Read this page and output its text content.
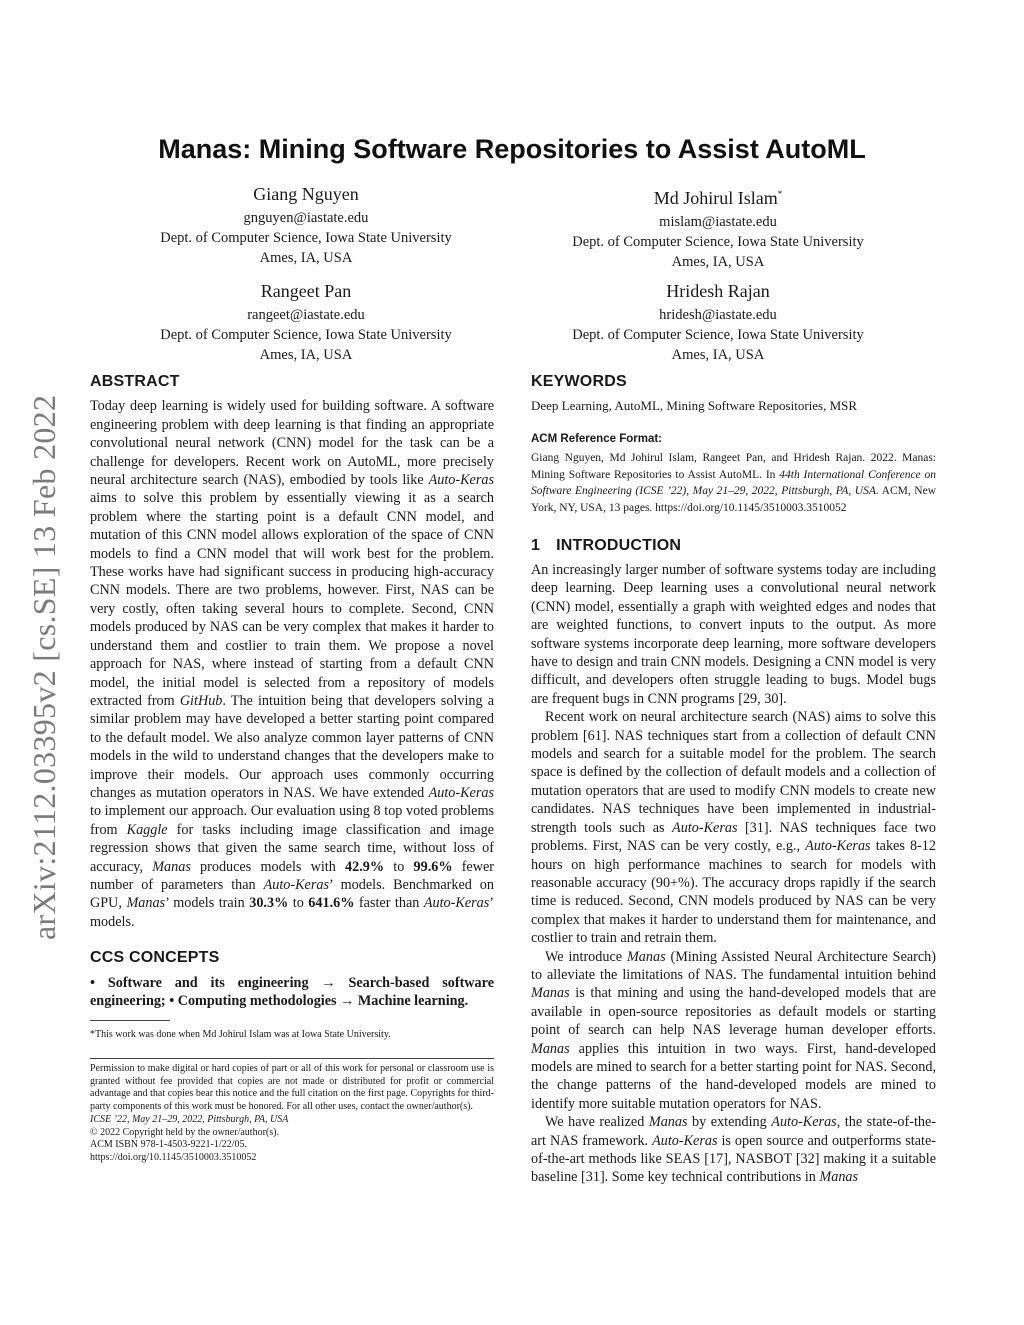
arXiv:2112.03395v2 [cs.SE] 13 Feb 2022
Manas: Mining Software Repositories to Assist AutoML
Giang Nguyen
gnguyen@iastate.edu
Dept. of Computer Science, Iowa State University
Ames, IA, USA
Md Johirul Islam*
mislam@iastate.edu
Dept. of Computer Science, Iowa State University
Ames, IA, USA
Rangeet Pan
rangeet@iastate.edu
Dept. of Computer Science, Iowa State University
Ames, IA, USA
Hridesh Rajan
hridesh@iastate.edu
Dept. of Computer Science, Iowa State University
Ames, IA, USA
ABSTRACT

Today deep learning is widely used for building software. A software engineering problem with deep learning is that finding an appropriate convolutional neural network (CNN) model for the task can be a challenge for developers. Recent work on AutoML, more precisely neural architecture search (NAS), embodied by tools like Auto-Keras aims to solve this problem by essentially viewing it as a search problem where the starting point is a default CNN model, and mutation of this CNN model allows exploration of the space of CNN models to find a CNN model that will work best for the problem. These works have had significant success in producing high-accuracy CNN models. There are two problems, however. First, NAS can be very costly, often taking several hours to complete. Second, CNN models produced by NAS can be very complex that makes it harder to understand them and costlier to train them. We propose a novel approach for NAS, where instead of starting from a default CNN model, the initial model is selected from a repository of models extracted from GitHub. The intuition being that developers solving a similar problem may have developed a better starting point compared to the default model. We also analyze common layer patterns of CNN models in the wild to understand changes that the developers make to improve their models. Our approach uses commonly occurring changes as mutation operators in NAS. We have extended Auto-Keras to implement our approach. Our evaluation using 8 top voted problems from Kaggle for tasks including image classification and image regression shows that given the same search time, without loss of accuracy, Manas produces models with 42.9% to 99.6% fewer number of parameters than Auto-Keras’ models. Benchmarked on GPU, Manas’ models train 30.3% to 641.6% faster than Auto-Keras’ models.

CCS CONCEPTS

• Software and its engineering → Search-based software engineering; • Computing methodologies → Machine learning.

*This work was done when Md Johirul Islam was at Iowa State University.

Permission to make digital or hard copies of part or all of this work for personal or classroom use is granted without fee provided that copies are not made or distributed for profit or commercial advantage and that copies bear this notice and the full citation on the first page. Copyrights for third-party components of this work must be honored. For all other uses, contact the owner/author(s).

ICSE ’22, May 21–29, 2022, Pittsburgh, PA, USA

© 2022 Copyright held by the owner/author(s).

ACM ISBN 978-1-4503-9221-1/22/05.

https://doi.org/10.1145/3510003.3510052

KEYWORDS

Deep Learning, AutoML, Mining Software Repositories, MSR

ACM Reference Format:
Giang Nguyen, Md Johirul Islam, Rangeet Pan, and Hridesh Rajan. 2022. Manas: Mining Software Repositories to Assist AutoML. In 44th International Conference on Software Engineering (ICSE ’22), May 21–29, 2022, Pittsburgh, PA, USA. ACM, New York, NY, USA, 13 pages. https://doi.org/10.1145/3510003.3510052
1 INTRODUCTION

An increasingly larger number of software systems today are including deep learning. Deep learning uses a convolutional neural network (CNN) model, essentially a graph with weighted edges and nodes that are weighted functions, to convert inputs to the output. As more software systems incorporate deep learning, more software developers have to design and train CNN models. Designing a CNN model is very difficult, and developers often struggle leading to bugs. Model bugs are frequent bugs in CNN programs [29, 30].

Recent work on neural architecture search (NAS) aims to solve this problem [61]. NAS techniques start from a collection of default CNN models and search for a suitable model for the problem. The search space is defined by the collection of default models and a collection of mutation operators that are used to modify CNN models to create new candidates. NAS techniques have been implemented in industrial-strength tools such as Auto-Keras [31]. NAS techniques face two problems. First, NAS can be very costly, e.g., Auto-Keras takes 8-12 hours on high performance machines to search for models with reasonable accuracy (90+%). The accuracy drops rapidly if the search time is reduced. Second, CNN models produced by NAS can be very complex that makes it harder to understand them for maintenance, and costlier to train and retrain them.

We introduce Manas (Mining Assisted Neural Architecture Search) to alleviate the limitations of NAS. The fundamental intuition behind Manas is that mining and using the hand-developed models that are available in open-source repositories as default models or starting point of search can help NAS leverage human developer efforts. Manas applies this intuition in two ways. First, hand-developed models are mined to search for a better starting point for NAS. Second, the change patterns of the hand-developed models are mined to identify more suitable mutation operators for NAS.

We have realized Manas by extending Auto-Keras, the state-of-the-art NAS framework. Auto-Keras is open source and outperforms state-of-the-art methods like SEAS [17], NASBOT [32] making it a suitable baseline [31]. Some key technical contributions in Manas
